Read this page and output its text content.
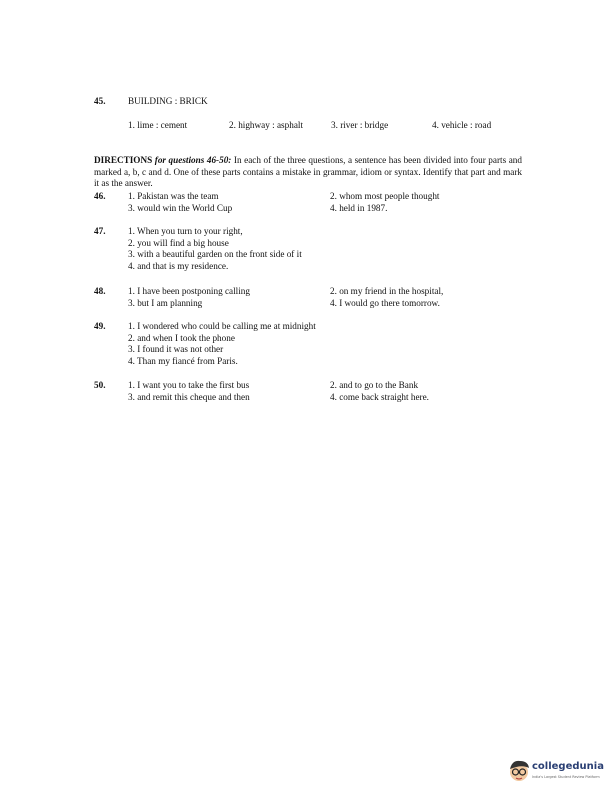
45. BUILDING : BRICK
1. lime : cement	2. highway : asphalt	3. river : bridge	4. vehicle : road
DIRECTIONS for questions 46-50: In each of the three questions, a sentence has been divided into four parts and marked a, b, c and d. One of these parts contains a mistake in grammar, idiom or syntax. Identify that part and mark it as the answer.
46. 1. Pakistan was the team	2. whom most people thought
3. would win the World Cup	4. held in 1987.
47. 1. When you turn to your right,
2. you will find a big house
3. with a beautiful garden on the front side of it
4. and that is my residence.
48. 1. I have been postponing calling	2. on my friend in the hospital,
3. but I am planning	4. I would go there tomorrow.
49. 1. I wondered who could be calling me at midnight
2. and when I took the phone
3. I found it was not other
4. Than my fiancé from Paris.
50. 1. I want you to take the first bus	2. and to go to the Bank
3. and remit this cheque and then	4. come back straight here.
collegedunia
India's Largest Student Review Platform
